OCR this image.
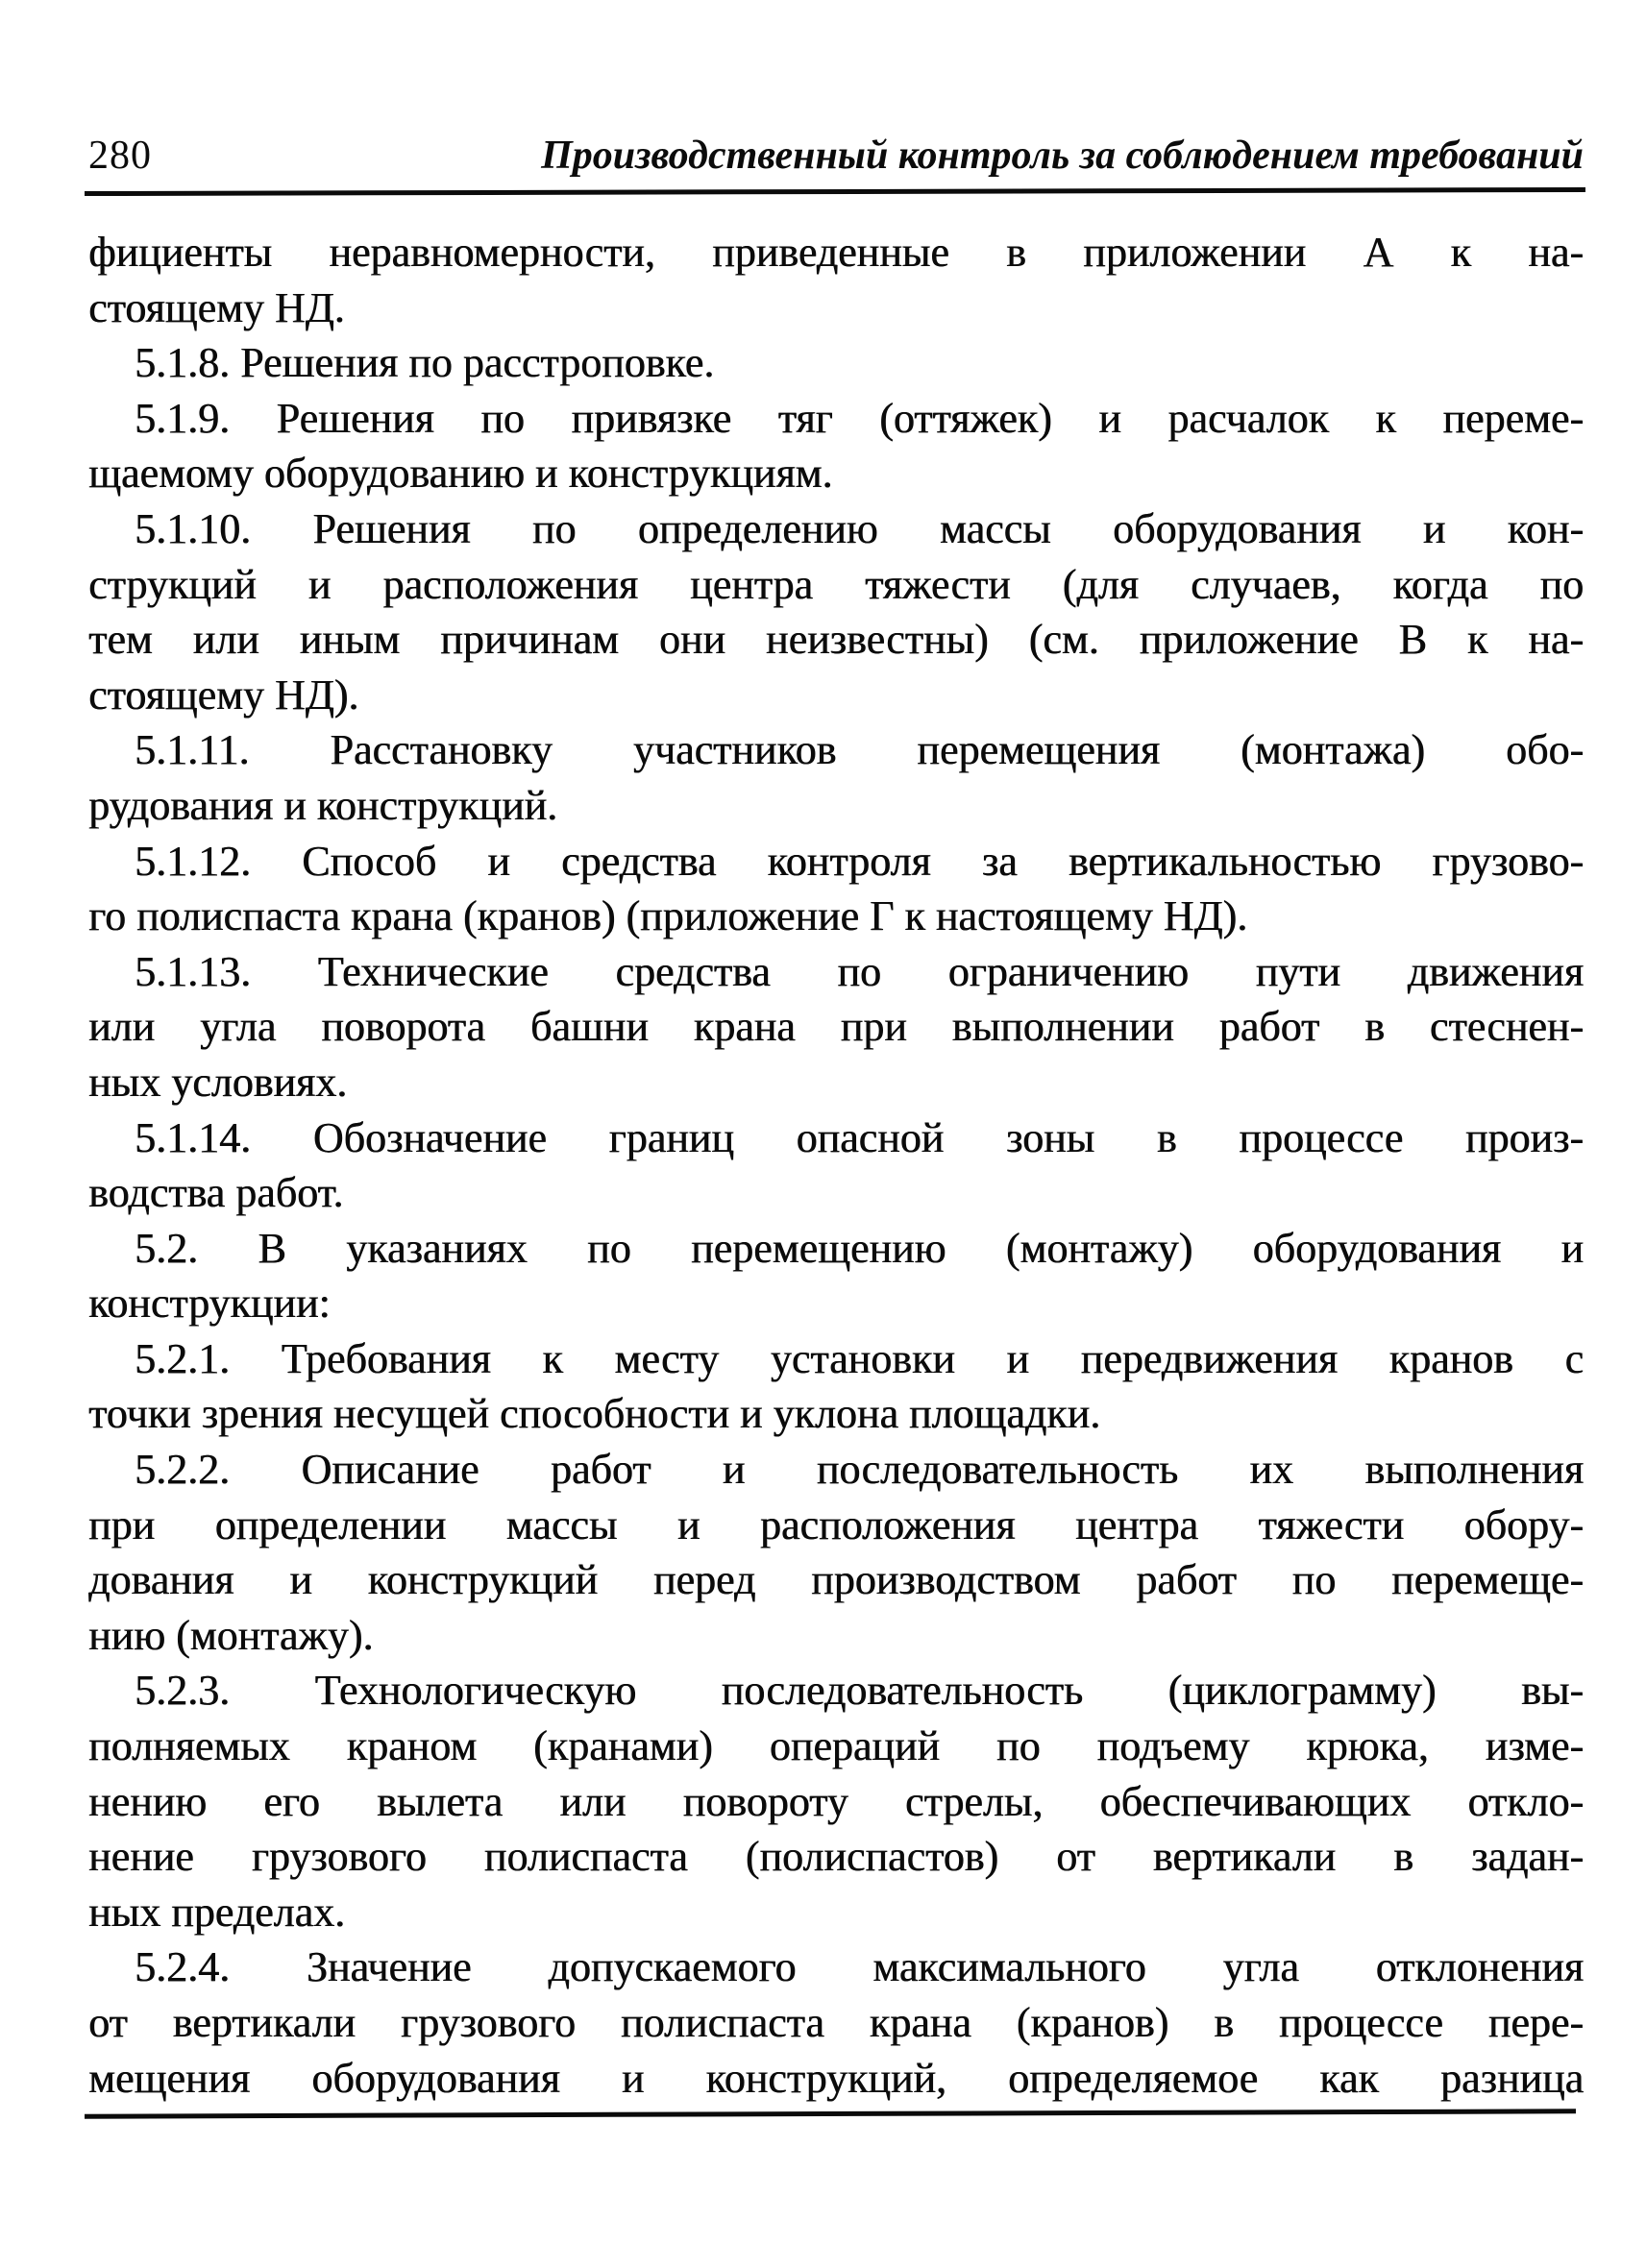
280	Производственный контроль за соблюдением требований
фициенты неравномерности, приведенные в приложении А к на-
стоящему НД.
5.1.8. Решения по расстроповке.
5.1.9. Решения по привязке тяг (оттяжек) и расчалок к переме-
щаемому оборудованию и конструкциям.
5.1.10. Решения по определению массы оборудования и кон-
струкций и расположения центра тяжести (для случаев, когда по
тем или иным причинам они неизвестны) (см. приложение В к на-
стоящему НД).
5.1.11. Расстановку участников перемещения (монтажа) обо-
рудования и конструкций.
5.1.12. Способ и средства контроля за вертикальностью грузово-
го полиспаста крана (кранов) (приложение Г к настоящему НД).
5.1.13. Технические средства по ограничению пути движения
или угла поворота башни крана при выполнении работ в стеснен-
ных условиях.
5.1.14. Обозначение границ опасной зоны в процессе произ-
водства работ.
5.2. В указаниях по перемещению (монтажу) оборудования и
конструкции:
5.2.1. Требования к месту установки и передвижения кранов с
точки зрения несущей способности и уклона площадки.
5.2.2. Описание работ и последовательность их выполнения
при определении массы и расположения центра тяжести обору-
дования и конструкций перед производством работ по перемеще-
нию (монтажу).
5.2.3. Технологическую последовательность (циклограмму) вы-
полняемых краном (кранами) операций по подъему крюка, изме-
нению его вылета или повороту стрелы, обеспечивающих откло-
нение грузового полиспаста (полиспастов) от вертикали в задан-
ных пределах.
5.2.4. Значение допускаемого максимального угла отклонения
от вертикали грузового полиспаста крана (кранов) в процессе пере-
мещения оборудования и конструкций, определяемое как разница
